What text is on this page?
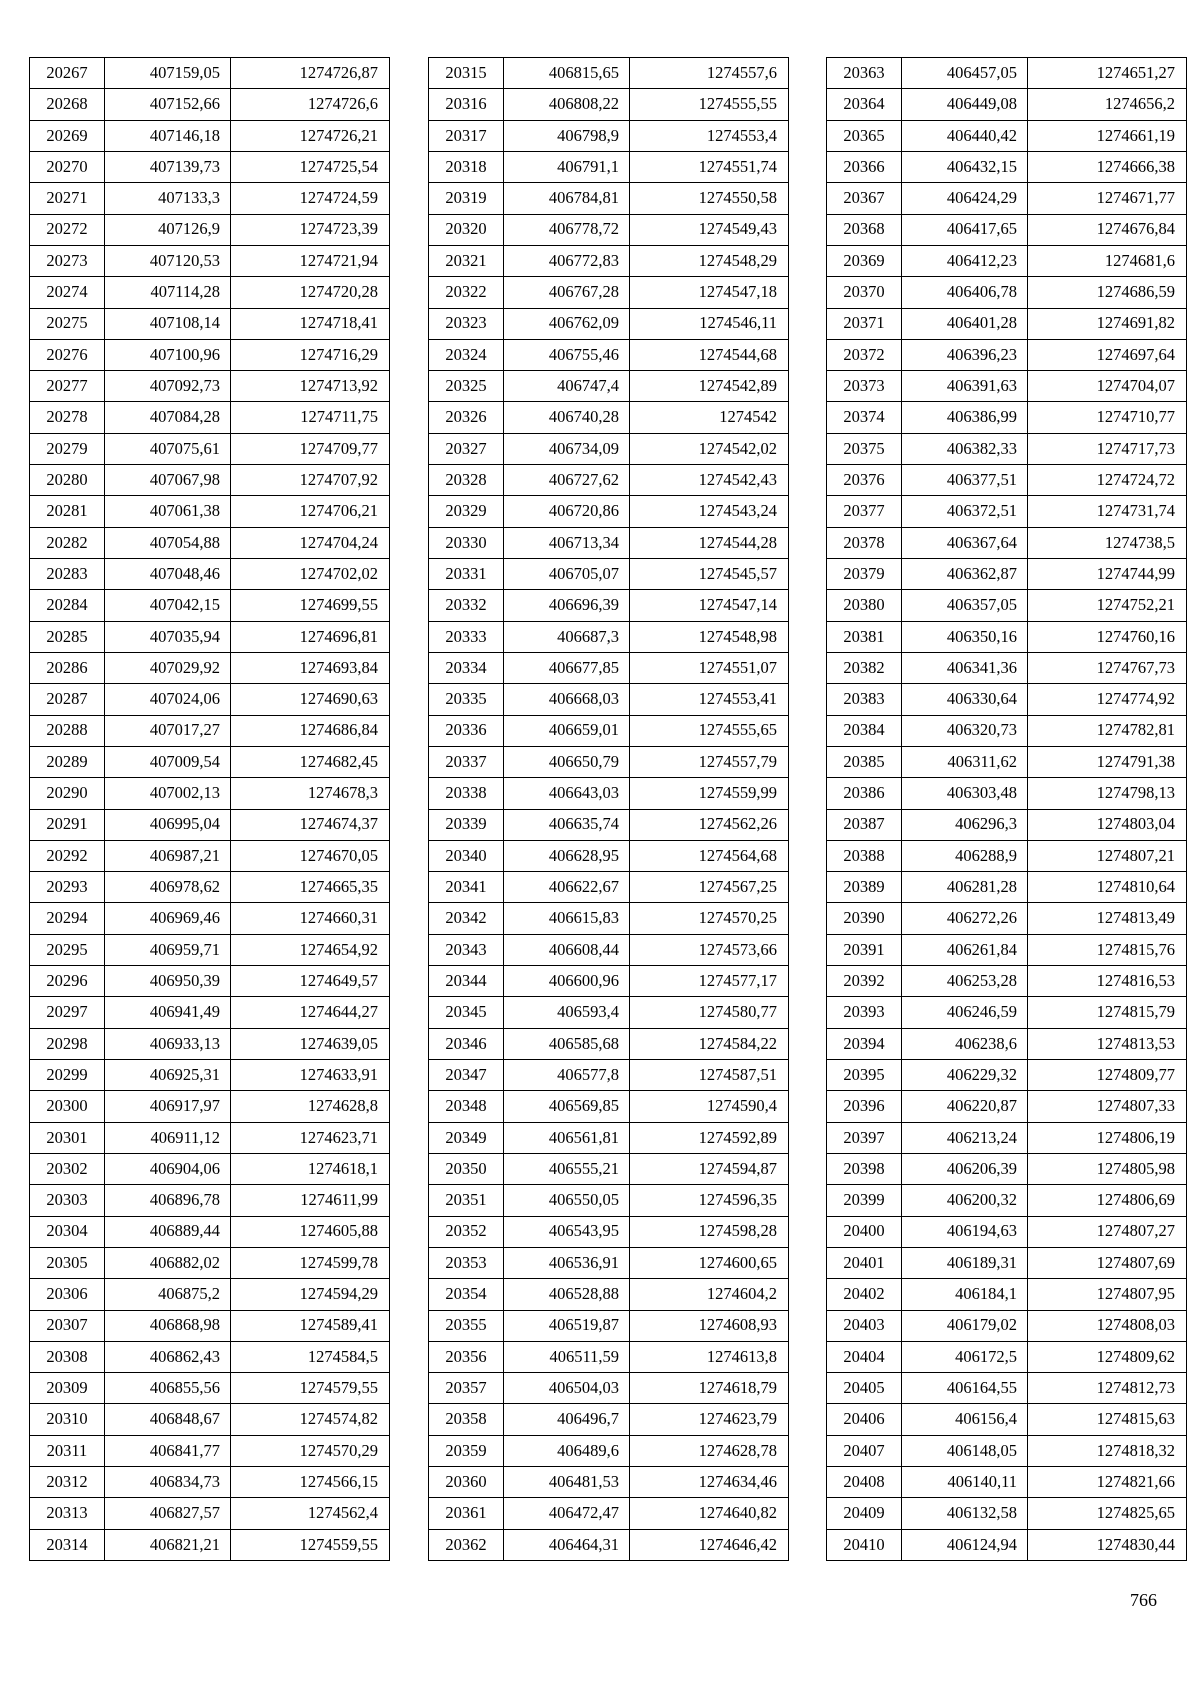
20267	407159,05	1274726,87
20268	407152,66	1274726,6
20269	407146,18	1274726,21
20270	407139,73	1274725,54
20271	407133,3	1274724,59
20272	407126,9	1274723,39
20273	407120,53	1274721,94
20274	407114,28	1274720,28
20275	407108,14	1274718,41
20276	407100,96	1274716,29
20277	407092,73	1274713,92
20278	407084,28	1274711,75
20279	407075,61	1274709,77
20280	407067,98	1274707,92
20281	407061,38	1274706,21
20282	407054,88	1274704,24
20283	407048,46	1274702,02
20284	407042,15	1274699,55
20285	407035,94	1274696,81
20286	407029,92	1274693,84
20287	407024,06	1274690,63
20288	407017,27	1274686,84
20289	407009,54	1274682,45
20290	407002,13	1274678,3
20291	406995,04	1274674,37
20292	406987,21	1274670,05
20293	406978,62	1274665,35
20294	406969,46	1274660,31
20295	406959,71	1274654,92
20296	406950,39	1274649,57
20297	406941,49	1274644,27
20298	406933,13	1274639,05
20299	406925,31	1274633,91
20300	406917,97	1274628,8
20301	406911,12	1274623,71
20302	406904,06	1274618,1
20303	406896,78	1274611,99
20304	406889,44	1274605,88
20305	406882,02	1274599,78
20306	406875,2	1274594,29
20307	406868,98	1274589,41
20308	406862,43	1274584,5
20309	406855,56	1274579,55
20310	406848,67	1274574,82
20311	406841,77	1274570,29
20312	406834,73	1274566,15
20313	406827,57	1274562,4
20314	406821,21	1274559,55
20315	406815,65	1274557,6
20316	406808,22	1274555,55
20317	406798,9	1274553,4
20318	406791,1	1274551,74
20319	406784,81	1274550,58
20320	406778,72	1274549,43
20321	406772,83	1274548,29
20322	406767,28	1274547,18
20323	406762,09	1274546,11
20324	406755,46	1274544,68
20325	406747,4	1274542,89
20326	406740,28	1274542
20327	406734,09	1274542,02
20328	406727,62	1274542,43
20329	406720,86	1274543,24
20330	406713,34	1274544,28
20331	406705,07	1274545,57
20332	406696,39	1274547,14
20333	406687,3	1274548,98
20334	406677,85	1274551,07
20335	406668,03	1274553,41
20336	406659,01	1274555,65
20337	406650,79	1274557,79
20338	406643,03	1274559,99
20339	406635,74	1274562,26
20340	406628,95	1274564,68
20341	406622,67	1274567,25
20342	406615,83	1274570,25
20343	406608,44	1274573,66
20344	406600,96	1274577,17
20345	406593,4	1274580,77
20346	406585,68	1274584,22
20347	406577,8	1274587,51
20348	406569,85	1274590,4
20349	406561,81	1274592,89
20350	406555,21	1274594,87
20351	406550,05	1274596,35
20352	406543,95	1274598,28
20353	406536,91	1274600,65
20354	406528,88	1274604,2
20355	406519,87	1274608,93
20356	406511,59	1274613,8
20357	406504,03	1274618,79
20358	406496,7	1274623,79
20359	406489,6	1274628,78
20360	406481,53	1274634,46
20361	406472,47	1274640,82
20362	406464,31	1274646,42
20363	406457,05	1274651,27
20364	406449,08	1274656,2
20365	406440,42	1274661,19
20366	406432,15	1274666,38
20367	406424,29	1274671,77
20368	406417,65	1274676,84
20369	406412,23	1274681,6
20370	406406,78	1274686,59
20371	406401,28	1274691,82
20372	406396,23	1274697,64
20373	406391,63	1274704,07
20374	406386,99	1274710,77
20375	406382,33	1274717,73
20376	406377,51	1274724,72
20377	406372,51	1274731,74
20378	406367,64	1274738,5
20379	406362,87	1274744,99
20380	406357,05	1274752,21
20381	406350,16	1274760,16
20382	406341,36	1274767,73
20383	406330,64	1274774,92
20384	406320,73	1274782,81
20385	406311,62	1274791,38
20386	406303,48	1274798,13
20387	406296,3	1274803,04
20388	406288,9	1274807,21
20389	406281,28	1274810,64
20390	406272,26	1274813,49
20391	406261,84	1274815,76
20392	406253,28	1274816,53
20393	406246,59	1274815,79
20394	406238,6	1274813,53
20395	406229,32	1274809,77
20396	406220,87	1274807,33
20397	406213,24	1274806,19
20398	406206,39	1274805,98
20399	406200,32	1274806,69
20400	406194,63	1274807,27
20401	406189,31	1274807,69
20402	406184,1	1274807,95
20403	406179,02	1274808,03
20404	406172,5	1274809,62
20405	406164,55	1274812,73
20406	406156,4	1274815,63
20407	406148,05	1274818,32
20408	406140,11	1274821,66
20409	406132,58	1274825,65
20410	406124,94	1274830,44
766
